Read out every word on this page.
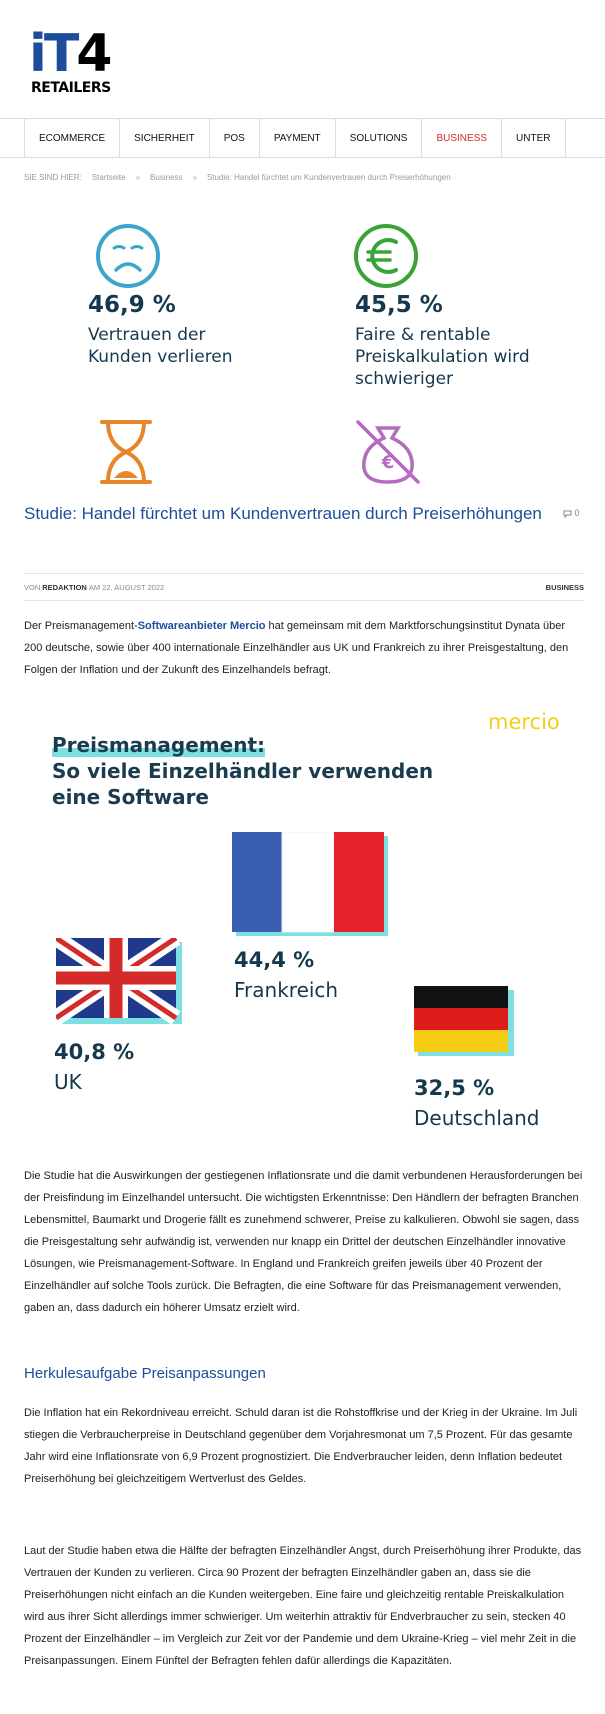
iT4
RETAILERS
ECOMMERCE	SICHERHEIT	POS	PAYMENT	SOLUTIONS	BUSINESS	UNTER
SIE SIND HIER: Startseite » Business » Studie: Handel fürchtet um Kundenvertrauen durch Preiserhöhungen
46,9 %
Vertrauen der
Kunden verlieren
45,5 %
Faire & rentable
Preiskalkulation wird
schwieriger
€
Studie: Handel fürchtet um Kundenvertrauen durch Preiserhöhungen	0
VON REDAKTION AM 22. AUGUST 2022	BUSINESS
Der Preismanagement-Softwareanbieter Mercio hat gemeinsam mit dem Marktforschungsinstitut Dynata über 200 deutsche, sowie über 400 internationale Einzelhändler aus UK und Frankreich zu ihrer Preisgestaltung, den Folgen der Inflation und der Zukunft des Einzelhandels befragt.
mercio
Preismanagement:
So viele Einzelhändler verwenden
eine Software
44,4 %
Frankreich
40,8 %
UK	32,5 %
Deutschland
Die Studie hat die Auswirkungen der gestiegenen Inflationsrate und die damit verbundenen Herausforderungen bei der Preisfindung im Einzelhandel untersucht. Die wichtigsten Erkenntnisse: Den Händlern der befragten Branchen Lebensmittel, Baumarkt und Drogerie fällt es zunehmend schwerer, Preise zu kalkulieren. Obwohl sie sagen, dass die Preisgestaltung sehr aufwändig ist, verwenden nur knapp ein Drittel der deutschen Einzelhändler innovative Lösungen, wie Preismanagement-Software. In England und Frankreich greifen jeweils über 40 Prozent der Einzelhändler auf solche Tools zurück. Die Befragten, die eine Software für das Preismanagement verwenden, gaben an, dass dadurch ein höherer Umsatz erzielt wird.
Herkulesaufgabe Preisanpassungen
Die Inflation hat ein Rekordniveau erreicht. Schuld daran ist die Rohstoffkrise und der Krieg in der Ukraine. Im Juli stiegen die Verbraucherpreise in Deutschland gegenüber dem Vorjahresmonat um 7,5 Prozent. Für das gesamte Jahr wird eine Inflationsrate von 6,9 Prozent prognostiziert. Die Endverbraucher leiden, denn Inflation bedeutet Preiserhöhung bei gleichzeitigem Wertverlust des Geldes.
Laut der Studie haben etwa die Hälfte der befragten Einzelhändler Angst, durch Preiserhöhung ihrer Produkte, das Vertrauen der Kunden zu verlieren. Circa 90 Prozent der befragten Einzelhändler gaben an, dass sie die Preiserhöhungen nicht einfach an die Kunden weitergeben. Eine faire und gleichzeitig rentable Preiskalkulation wird aus ihrer Sicht allerdings immer schwieriger. Um weiterhin attraktiv für Endverbraucher zu sein, stecken 40 Prozent der Einzelhändler – im Vergleich zur Zeit vor der Pandemie und dem Ukraine-Krieg – viel mehr Zeit in die Preisanpassungen. Einem Fünftel der Befragten fehlen dafür allerdings die Kapazitäten.
